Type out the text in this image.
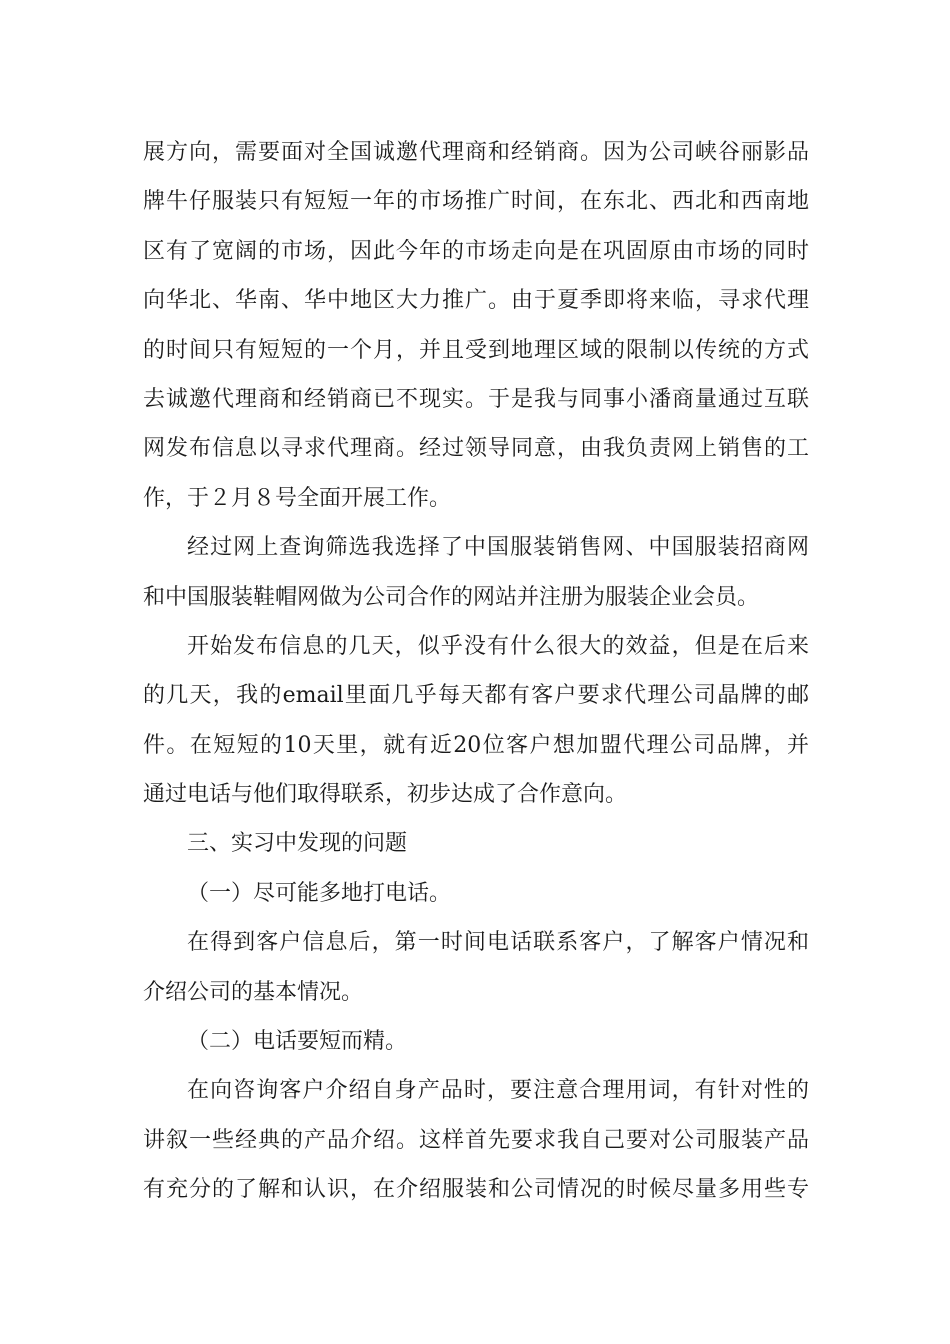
展方向，需要面对全国诚邀代理商和经销商。因为公司峡谷丽影品
牌牛仔服装只有短短一年的市场推广时间，在东北、西北和西南地
区有了宽阔的市场，因此今年的市场走向是在巩固原由市场的同时
向华北、华南、华中地区大力推广。由于夏季即将来临，寻求代理
的时间只有短短的一个月，并且受到地理区域的限制以传统的方式
去诚邀代理商和经销商已不现实。于是我与同事小潘商量通过互联
网发布信息以寻求代理商。经过领导同意，由我负责网上销售的工
作，于２月８号全面开展工作。
经过网上查询筛选我选择了中国服装销售网、中国服装招商网
和中国服装鞋帽网做为公司合作的网站并注册为服装企业会员。
开始发布信息的几天，似乎没有什么很大的效益，但是在后来
的几天，我的email里面几乎每天都有客户要求代理公司晶牌的邮
件。在短短的10天里，就有近20位客户想加盟代理公司品牌，并
通过电话与他们取得联系，初步达成了合作意向。
三、实习中发现的问题
（一）尽可能多地打电话。
在得到客户信息后，第一时间电话联系客户，了解客户情况和
介绍公司的基本情况。
（二）电话要短而精。
在向咨询客户介绍自身产品时，要注意合理用词，有针对性的
讲叙一些经典的产品介绍。这样首先要求我自己要对公司服装产品
有充分的了解和认识，在介绍服装和公司情况的时候尽量多用些专
